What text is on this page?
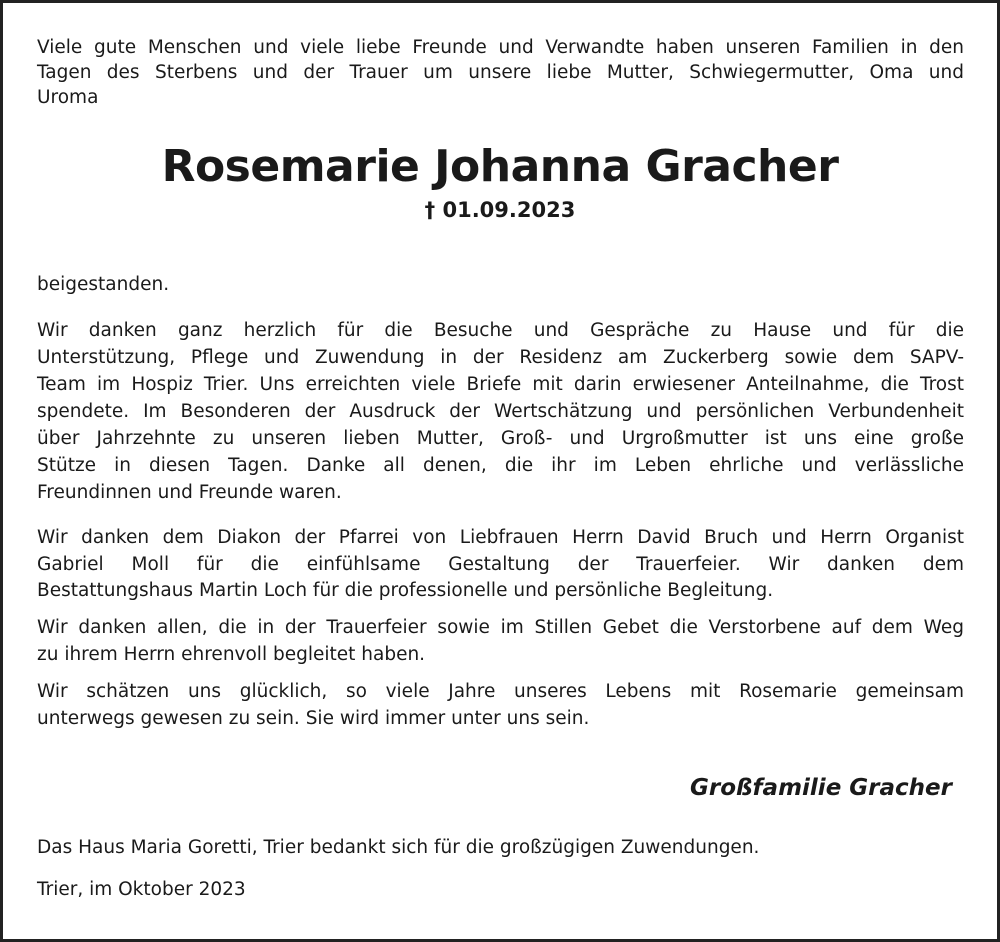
Rosemarie Johanna Gracher
† 01.09.2023
Großfamilie Gracher
Viele gute Menschen und viele liebe Freunde und Verwandte haben unseren Familien in den
Tagen des Sterbens und der Trauer um unsere liebe Mutter, Schwiegermutter, Oma und
Uroma
beigestanden.
Wir danken ganz herzlich für die Besuche und Gespräche zu Hause und für die
Unterstützung, Pflege und Zuwendung in der Residenz am Zuckerberg sowie dem SAPV-
Team im Hospiz Trier. Uns erreichten viele Briefe mit darin erwiesener Anteilnahme, die Trost
spendete. Im Besonderen der Ausdruck der Wertschätzung und persönlichen Verbundenheit
über Jahrzehnte zu unseren lieben Mutter, Groß- und Urgroßmutter ist uns eine große
Stütze in diesen Tagen. Danke all denen, die ihr im Leben ehrliche und verlässliche
Freundinnen und Freunde waren.
Wir danken dem Diakon der Pfarrei von Liebfrauen Herrn David Bruch und Herrn Organist
Gabriel Moll für die einfühlsame Gestaltung der Trauerfeier. Wir danken dem
Bestattungshaus Martin Loch für die professionelle und persönliche Begleitung.
Wir danken allen, die in der Trauerfeier sowie im Stillen Gebet die Verstorbene auf dem Weg
zu ihrem Herrn ehrenvoll begleitet haben.
Wir schätzen uns glücklich, so viele Jahre unseres Lebens mit Rosemarie gemeinsam
unterwegs gewesen zu sein. Sie wird immer unter uns sein.
Das Haus Maria Goretti, Trier bedankt sich für die großzügigen Zuwendungen.
Trier, im Oktober 2023
